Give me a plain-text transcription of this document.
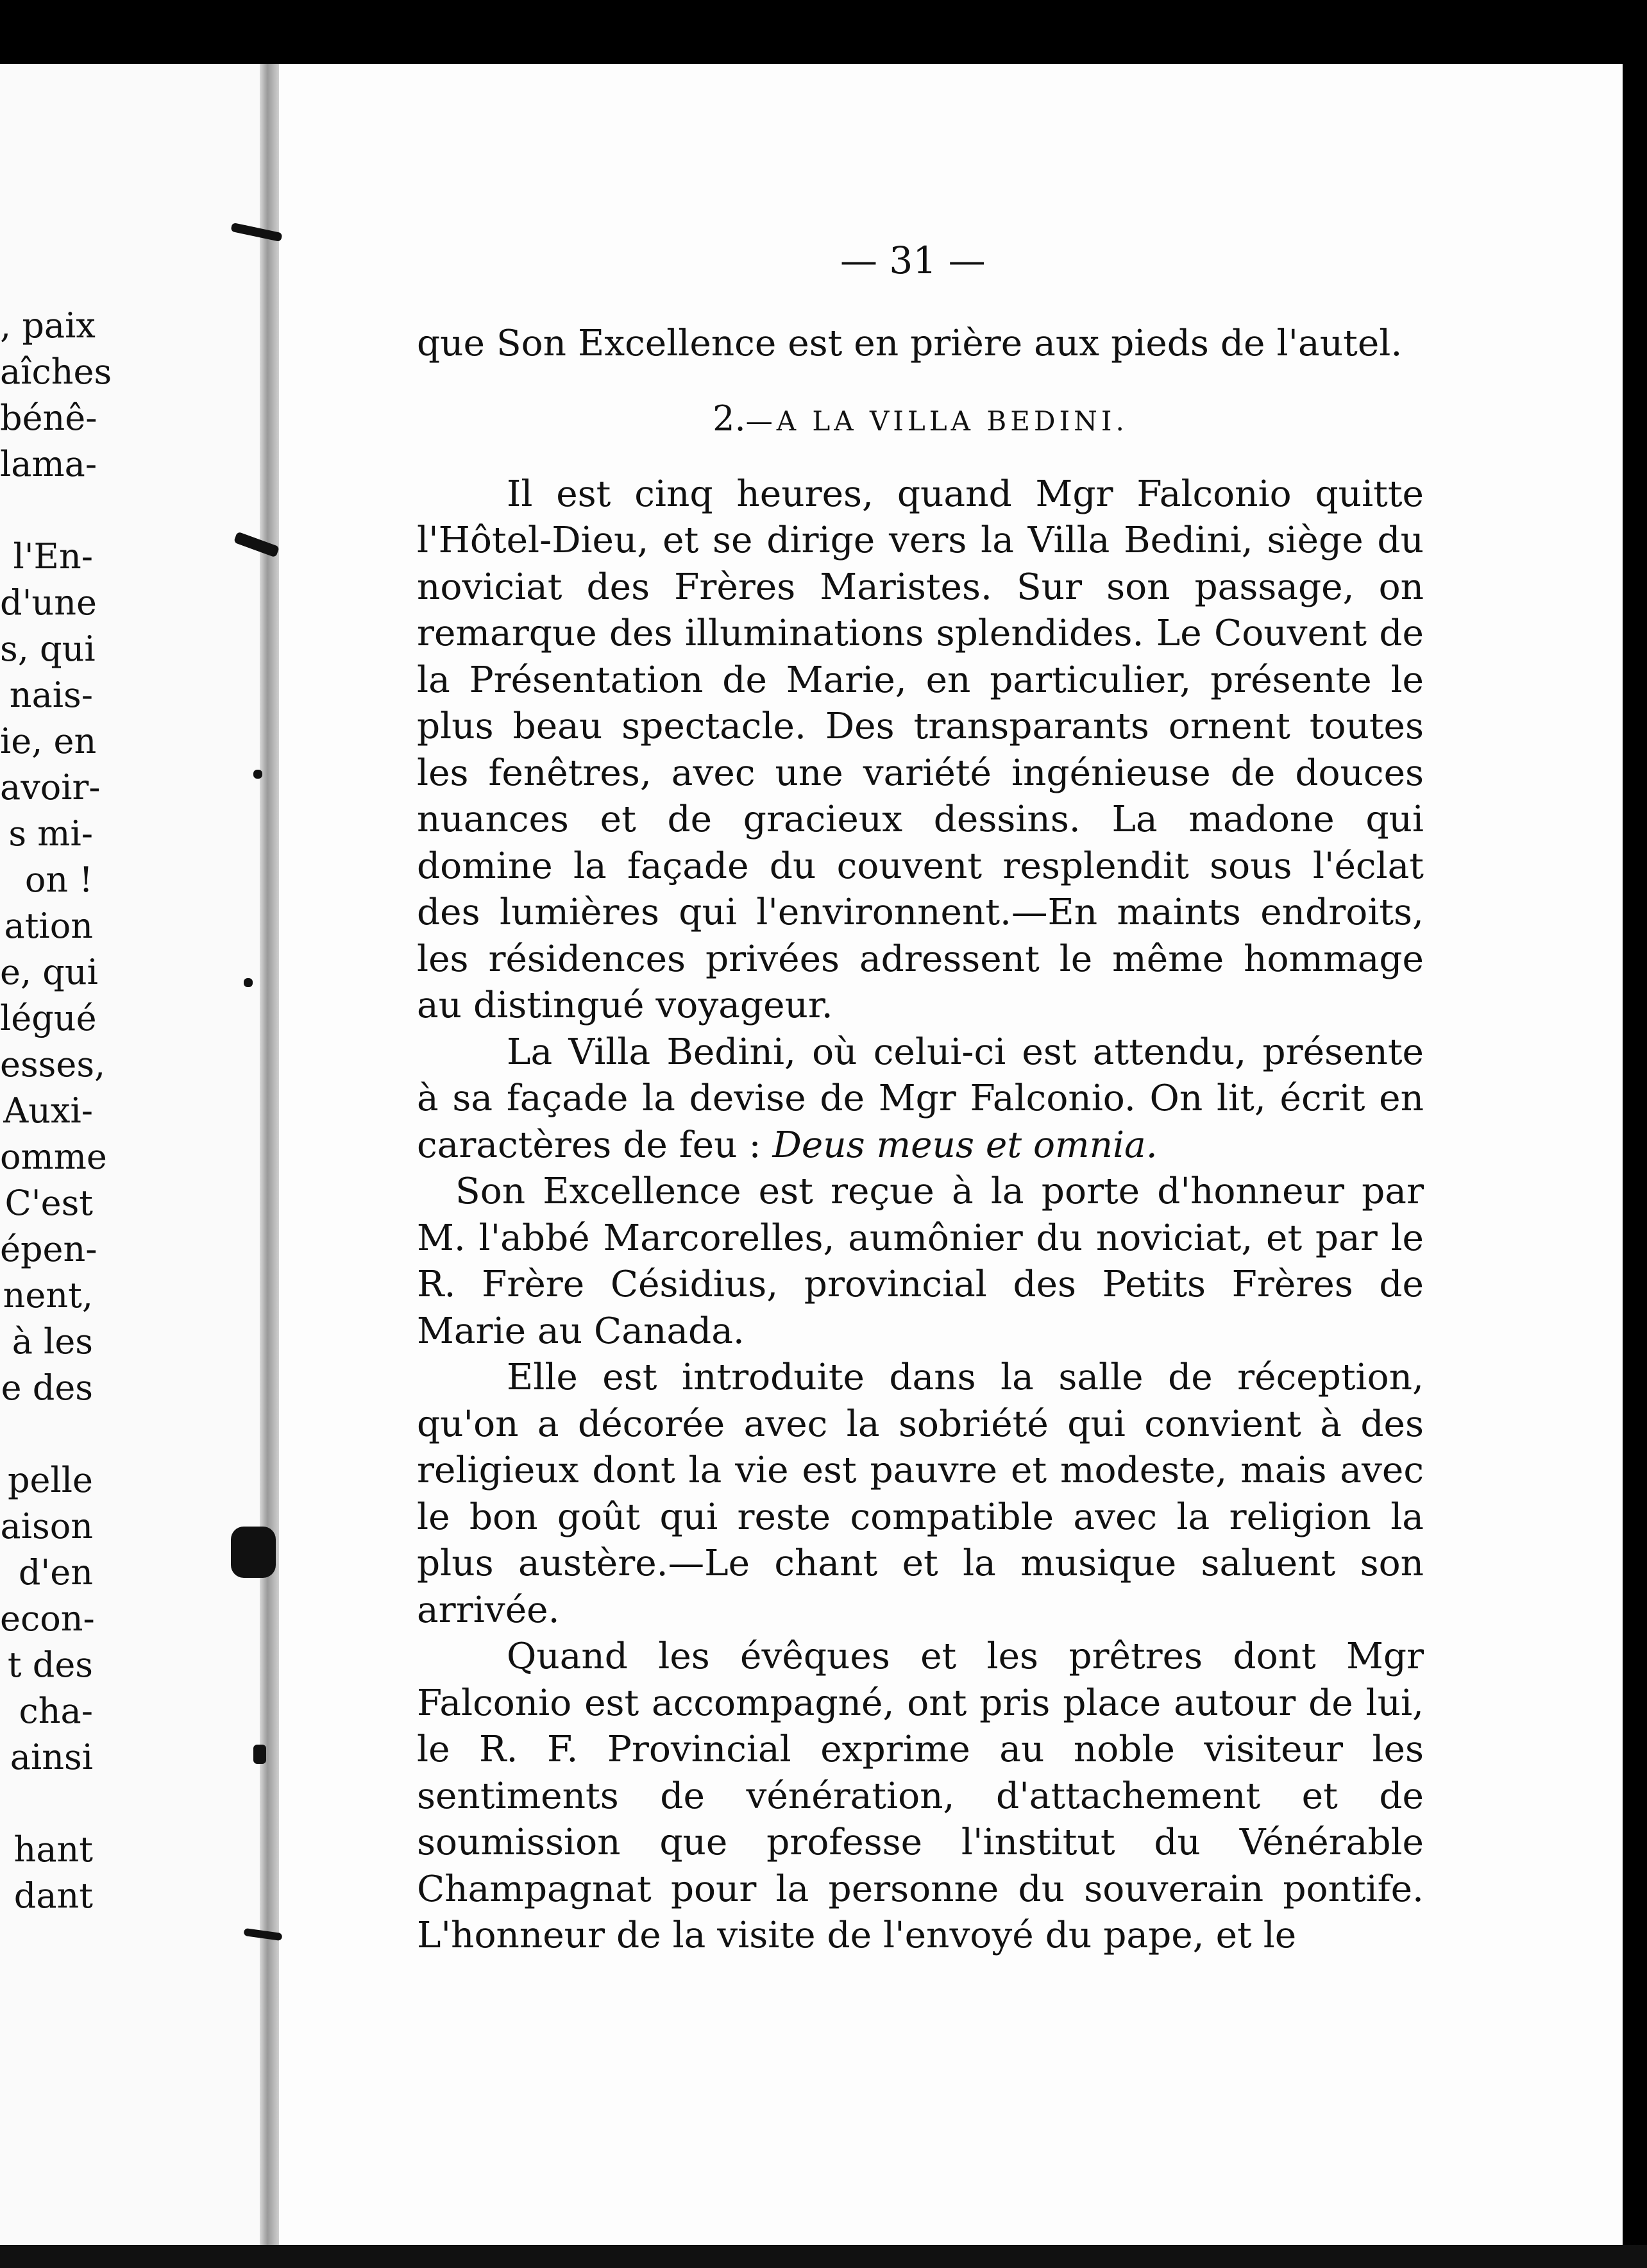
, paix
aîches
bénê-
lama-

l'En-
d'une
s, qui
nais-
ie, en
avoir-
s mi-
on !
ation
e, qui
légué
esses,
Auxi-
omme
C'est
épen-
nent,
à les
e des

pelle
aison
d'en
econ-
t des
cha-
ainsi

hant
dant
— 31 —

que Son Excellence est en prière aux pieds de l'autel.

2.—A LA VILLA BEDINI.

Il est cinq heures, quand Mgr Falconio quitte l'Hôtel-Dieu, et se dirige vers la Villa Bedini, siège du noviciat des Frères Maristes. Sur son passage, on remarque des illuminations splendides. Le Couvent de la Présentation de Marie, en particulier, présente le plus beau spectacle. Des transparants ornent toutes les fenêtres, avec une variété ingénieuse de douces nuances et de gracieux dessins. La madone qui domine la façade du couvent resplendit sous l'éclat des lumières qui l'environnent.—En maints endroits, les résidences privées adressent le même hommage au distingué voyageur.

La Villa Bedini, où celui-ci est attendu, présente à sa façade la devise de Mgr Falconio. On lit, écrit en caractères de feu : Deus meus et omnia.

Son Excellence est reçue à la porte d'honneur par M. l'abbé Marcorelles, aumônier du noviciat, et par le R. Frère Césidius, provincial des Petits Frères de Marie au Canada.

Elle est introduite dans la salle de réception, qu'on a décorée avec la sobriété qui convient à des religieux dont la vie est pauvre et modeste, mais avec le bon goût qui reste compatible avec la religion la plus austère.—Le chant et la musique saluent son arrivée.

Quand les évêques et les prêtres dont Mgr Falconio est accompagné, ont pris place autour de lui, le R. F. Provincial exprime au noble visiteur les sentiments de vénération, d'attachement et de soumission que professe l'institut du Vénérable Champagnat pour la personne du souverain pontife. L'honneur de la visite de l'envoyé du pape, et le
